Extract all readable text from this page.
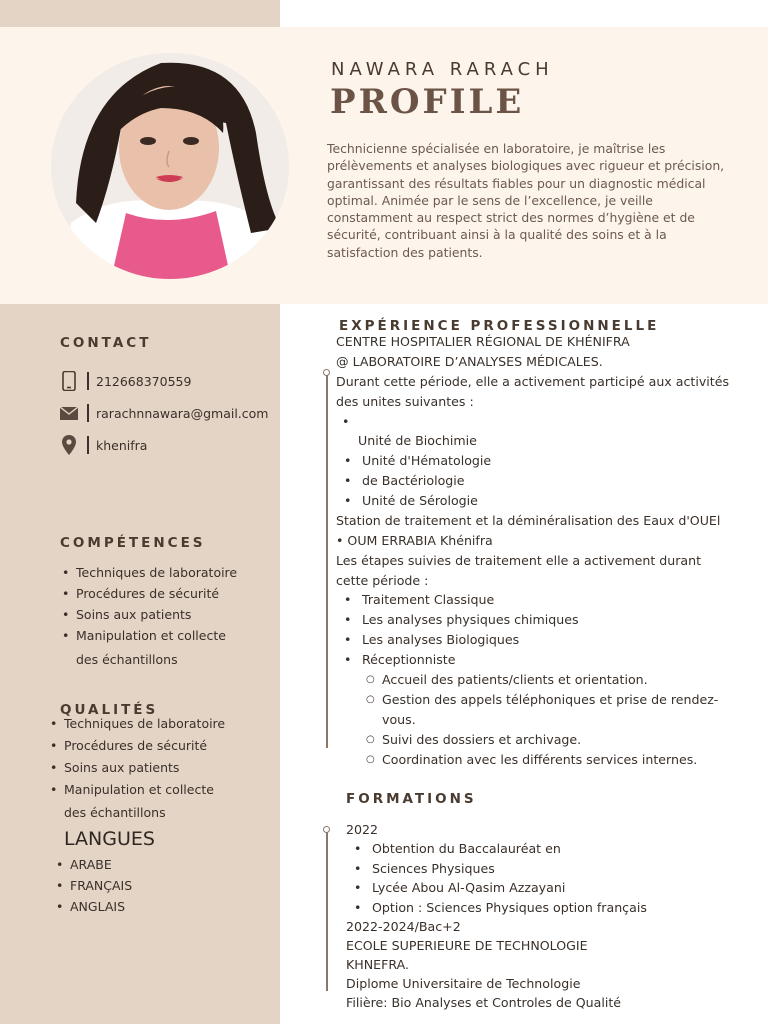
NAWARA RARACH
PROFILE
Technicienne spécialisée en laboratoire, je maîtrise les prélèvements et analyses biologiques avec rigueur et précision, garantissant des résultats fiables pour un diagnostic médical optimal. Animée par le sens de l’excellence, je veille constamment au respect strict des normes d’hygiène et de sécurité, contribuant ainsi à la qualité des soins et à la satisfaction des patients.
CONTACT
212668370559
rarachnnawara@gmail.com
khenifra
COMPÉTENCES
• Techniques de laboratoire
• Procédures de sécurité
• Soins aux patients
• Manipulation et collecte
des échantillons
QUALITÉS
• Techniques de laboratoire
• Procédures de sécurité
• Soins aux patients
• Manipulation et collecte
des échantillons
LANGUES
• ARABE
• FRANÇAIS
• ANGLAIS
EXPÉRIENCE PROFESSIONNELLE
CENTRE HOSPITALIER RÉGIONAL DE KHÉNIFRA
@ LABORATOIRE D’ANALYSES MÉDICALES.
Durant cette période, elle a activement participé aux activités
des unites suivantes :
•
Unité de Biochimie
• Unité d'Hématologie
• de Bactériologie
• Unité de Sérologie
Station de traitement et la déminéralisation des Eaux d'OUEl
• OUM ERRABIA Khénifra
Les étapes suivies de traitement elle a activement durant
cette période :
• Traitement Classique
• Les analyses physiques chimiques
• Les analyses Biologiques
• Réceptionniste
○ Accueil des patients/clients et orientation.
○ Gestion des appels téléphoniques et prise de rendez-
vous.
○ Suivi des dossiers et archivage.
○ Coordination avec les différents services internes.
FORMATIONS
2022
• Obtention du Baccalauréat en
• Sciences Physiques
• Lycée Abou Al-Qasim Azzayani
• Option : Sciences Physiques option français
2022-2024/Bac+2
ECOLE SUPERIEURE DE TECHNOLOGIE
KHNEFRA.
Diplome Universitaire de Technologie
Filière: Bio Analyses et Controles de Qualité
